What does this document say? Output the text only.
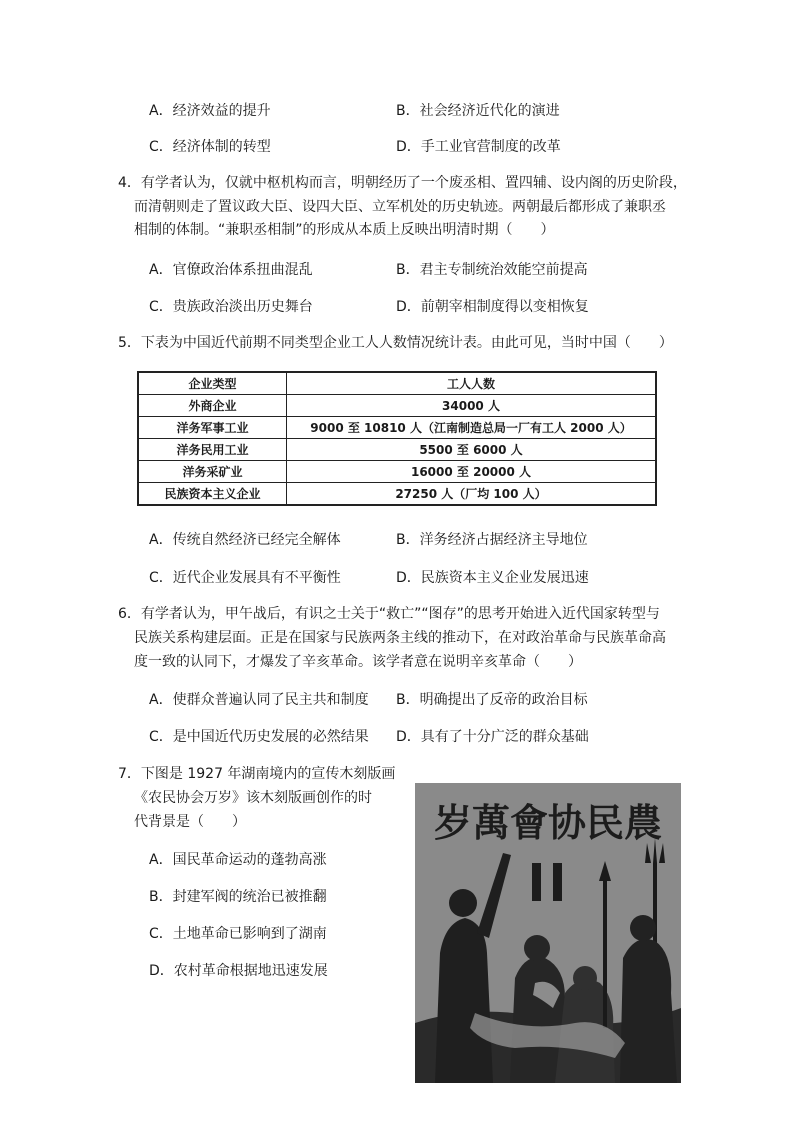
A．经济效益的提升	B．社会经济近代化的演进
C．经济体制的转型	D．手工业官营制度的改革
4．有学者认为，仅就中枢机构而言，明朝经历了一个废丞相、置四辅、设内阁的历史阶段，
而清朝则走了置议政大臣、设四大臣、立军机处的历史轨迹。两朝最后都形成了兼职丞
相制的体制。“兼职丞相制”的形成从本质上反映出明清时期（　　）
A．官僚政治体系扭曲混乱	B．君主专制统治效能空前提高
C．贵族政治淡出历史舞台	D．前朝宰相制度得以变相恢复
5．下表为中国近代前期不同类型企业工人人数情况统计表。由此可见，当时中国（　　）
企业类型	工人人数
外商企业	34000 人
洋务军事工业	9000 至 10810 人（江南制造总局一厂有工人 2000 人）
洋务民用工业	5500 至 6000 人
洋务采矿业	16000 至 20000 人
民族资本主义企业	27250 人（厂均 100 人）
A．传统自然经济已经完全解体	B．洋务经济占据经济主导地位
C．近代企业发展具有不平衡性	D．民族资本主义企业发展迅速
6．有学者认为，甲午战后，有识之士关于“救亡”“图存”的思考开始进入近代国家转型与
民族关系构建层面。正是在国家与民族两条主线的推动下，在对政治革命与民族革命高
度一致的认同下，才爆发了辛亥革命。该学者意在说明辛亥革命（　　）
A．使群众普遍认同了民主共和制度 B．明确提出了反帝的政治目标
C．是中国近代历史发展的必然结果 D．具有了十分广泛的群众基础
7．下图是 1927 年湖南境内的宣传木刻版画
《农民协会万岁》该木刻版画创作的时
代背景是（　　）
A．国民革命运动的蓬勃高涨
B．封建军阀的统治已被推翻
C．土地革命已影响到了湖南
D．农村革命根据地迅速发展
岁萬會协民農
